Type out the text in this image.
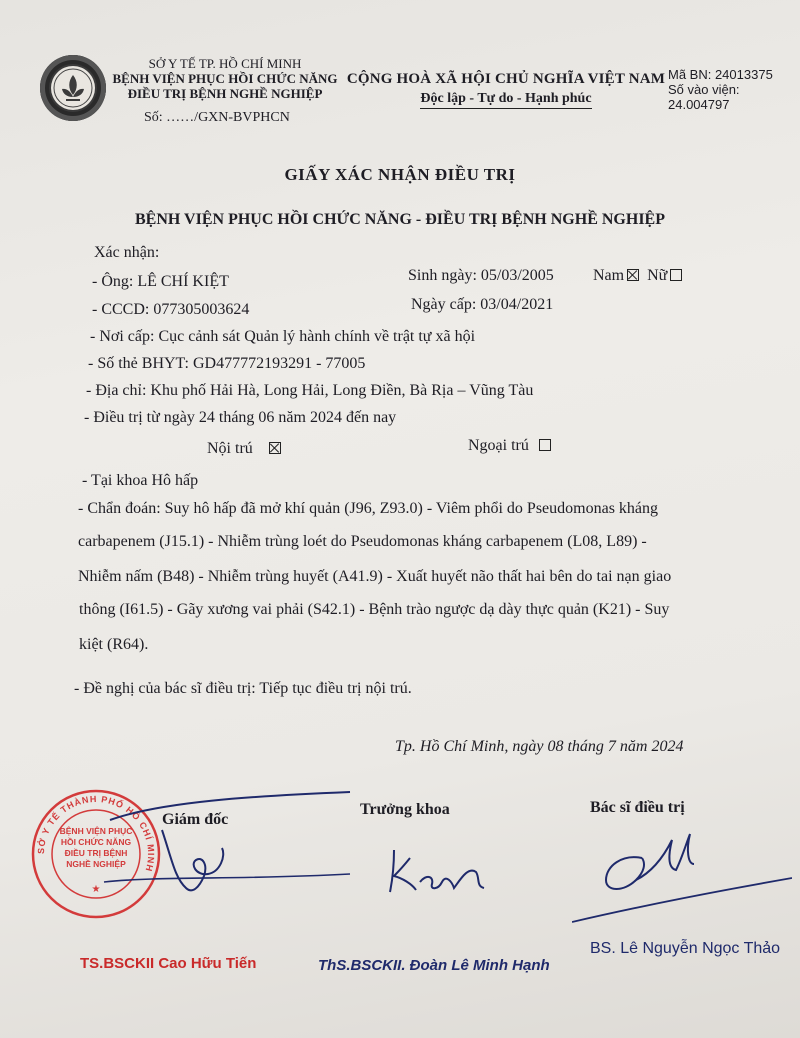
SỞ Y TẾ TP. HỒ CHÍ MINH
BỆNH VIỆN PHỤC HỒI CHỨC NĂNG
ĐIỀU TRỊ BỆNH NGHỀ NGHIỆP
Số: ……/GXN-BVPHCN
CỘNG HOÀ XÃ HỘI CHỦ NGHĨA VIỆT NAM
Độc lập - Tự do - Hạnh phúc
Mã BN: 24013375
Số vào viện:
24.004797
GIẤY XÁC NHẬN ĐIỀU TRỊ
BỆNH VIỆN PHỤC HỒI CHỨC NĂNG - ĐIỀU TRỊ BỆNH NGHỀ NGHIỆP
Xác nhận:
- Ông: LÊ CHÍ KIỆT	Sinh ngày: 05/03/2005 Nam Nữ
- CCCD: 077305003624	Ngày cấp: 03/04/2021
- Nơi cấp: Cục cảnh sát Quản lý hành chính về trật tự xã hội
- Số thẻ BHYT: GD477772193291 - 77005
- Địa chỉ: Khu phố Hải Hà, Long Hải, Long Điền, Bà Rịa – Vũng Tàu
- Điều trị từ ngày 24 tháng 06 năm 2024 đến nay
Nội trú	Ngoại trú
- Tại khoa Hô hấp
- Chẩn đoán: Suy hô hấp đã mở khí quản (J96, Z93.0) - Viêm phổi do Pseudomonas kháng
carbapenem (J15.1) - Nhiễm trùng loét do Pseudomonas kháng carbapenem (L08, L89) -
Nhiễm nấm (B48) - Nhiễm trùng huyết (A41.9) - Xuất huyết não thất hai bên do tai nạn giao
thông (I61.5) - Gãy xương vai phải (S42.1) - Bệnh trào ngược dạ dày thực quản (K21) - Suy
kiệt (R64).
- Đề nghị của bác sĩ điều trị: Tiếp tục điều trị nội trú.
Tp. Hồ Chí Minh, ngày 08 tháng 7 năm 2024
Giám đốc
Trưởng khoa	Bác sĩ điều trị
SỞ Y TẾ THÀNH PHỐ HỒ CHÍ MINH
BỆNH VIỆN PHỤC HỒI CHỨC NĂNG ĐIỀU TRỊ BỆNH NGHỀ NGHIỆP
★
TS.BSCKII Cao Hữu Tiến	ThS.BSCKII. Đoàn Lê Minh Hạnh
BS. Lê Nguyễn Ngọc Thảo
